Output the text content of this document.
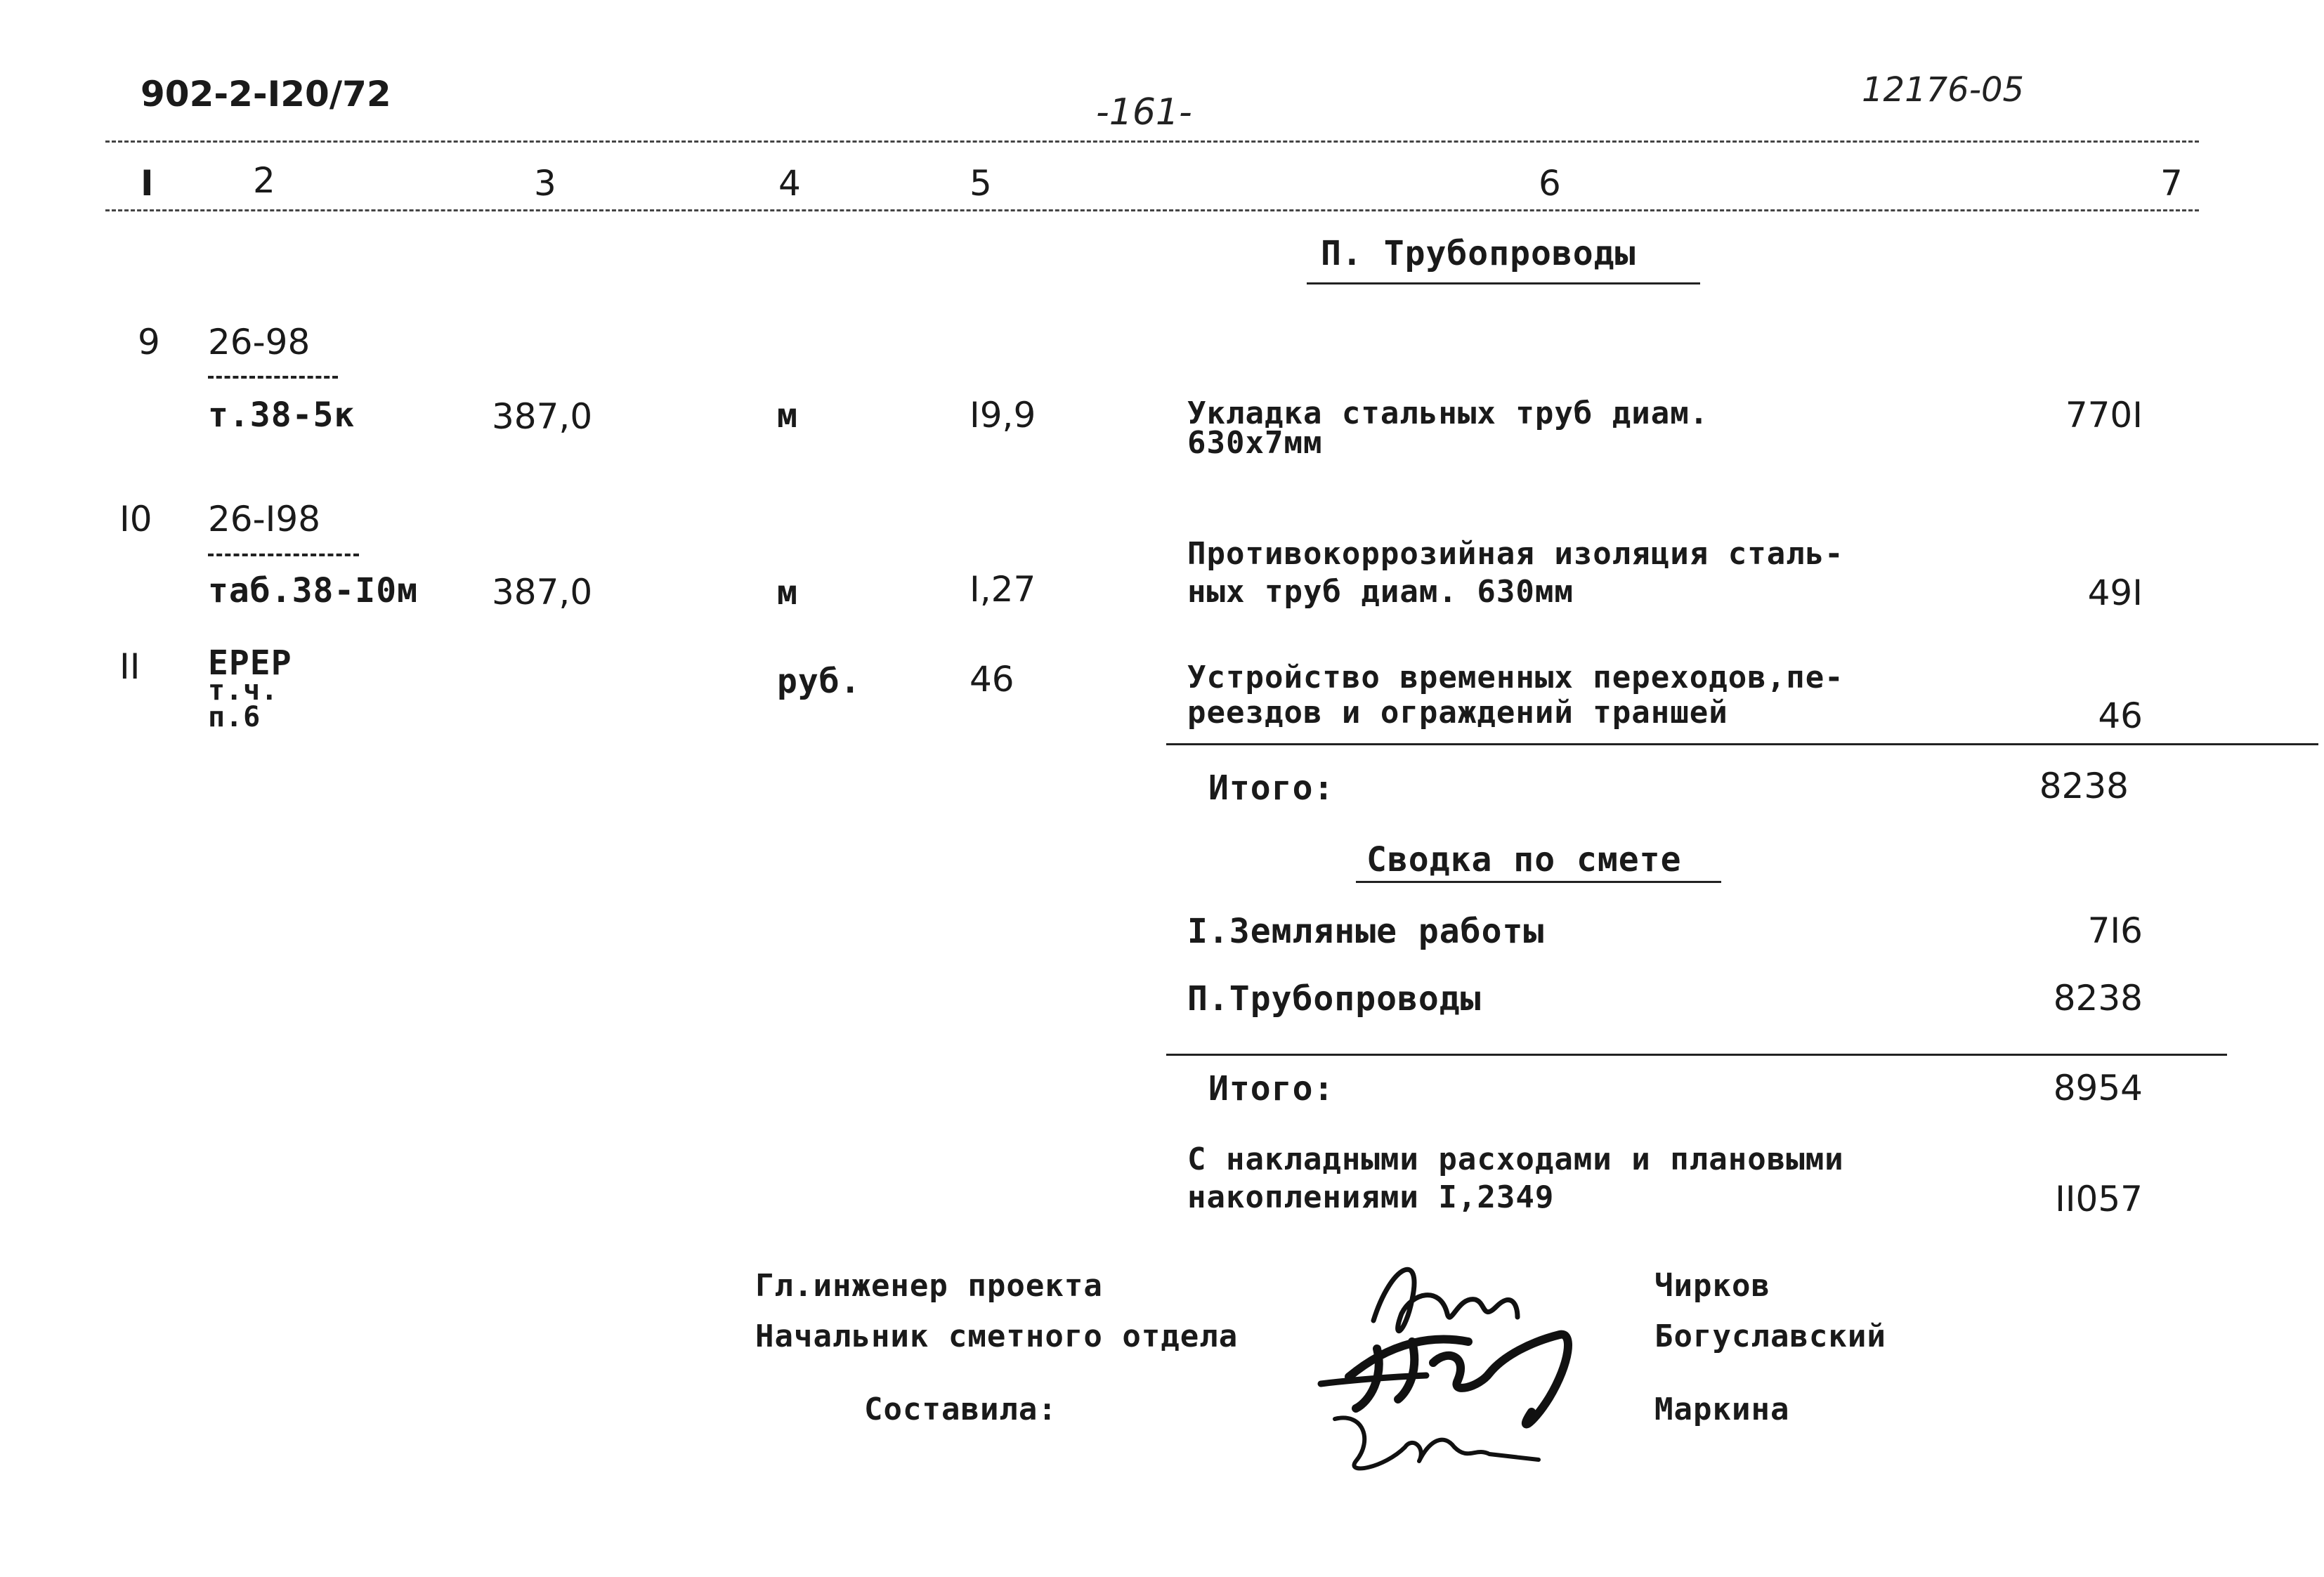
902-2-I20/72	-161-
12176-05
I	2	3	4	5	6	7
П. Трубопроводы
9 26-98
т.38-5к	387,0	м	I9,9	Укладка стальных труб диам.
630х7мм
770I
I0 26-I98
таб.38-I0м 387,0	м	I,27
Противокоррозийная изоляция сталь-
ных труб диам. 630мм	49I
II ЕРЕР
т.ч.
п.6
руб.	46	Устройство временных переходов,пе-
реездов и ограждений траншей	46
Итого:	8238
Сводка по смете
I.Земляные работы	7I6
П.Трубопроводы	8238
Итого:	8954
С накладными расходами и плановыми
накоплениями I,2349	II057
Гл.инженер проекта	Чирков
Начальник сметного отдела	Богуславский
Составила:	Маркина
